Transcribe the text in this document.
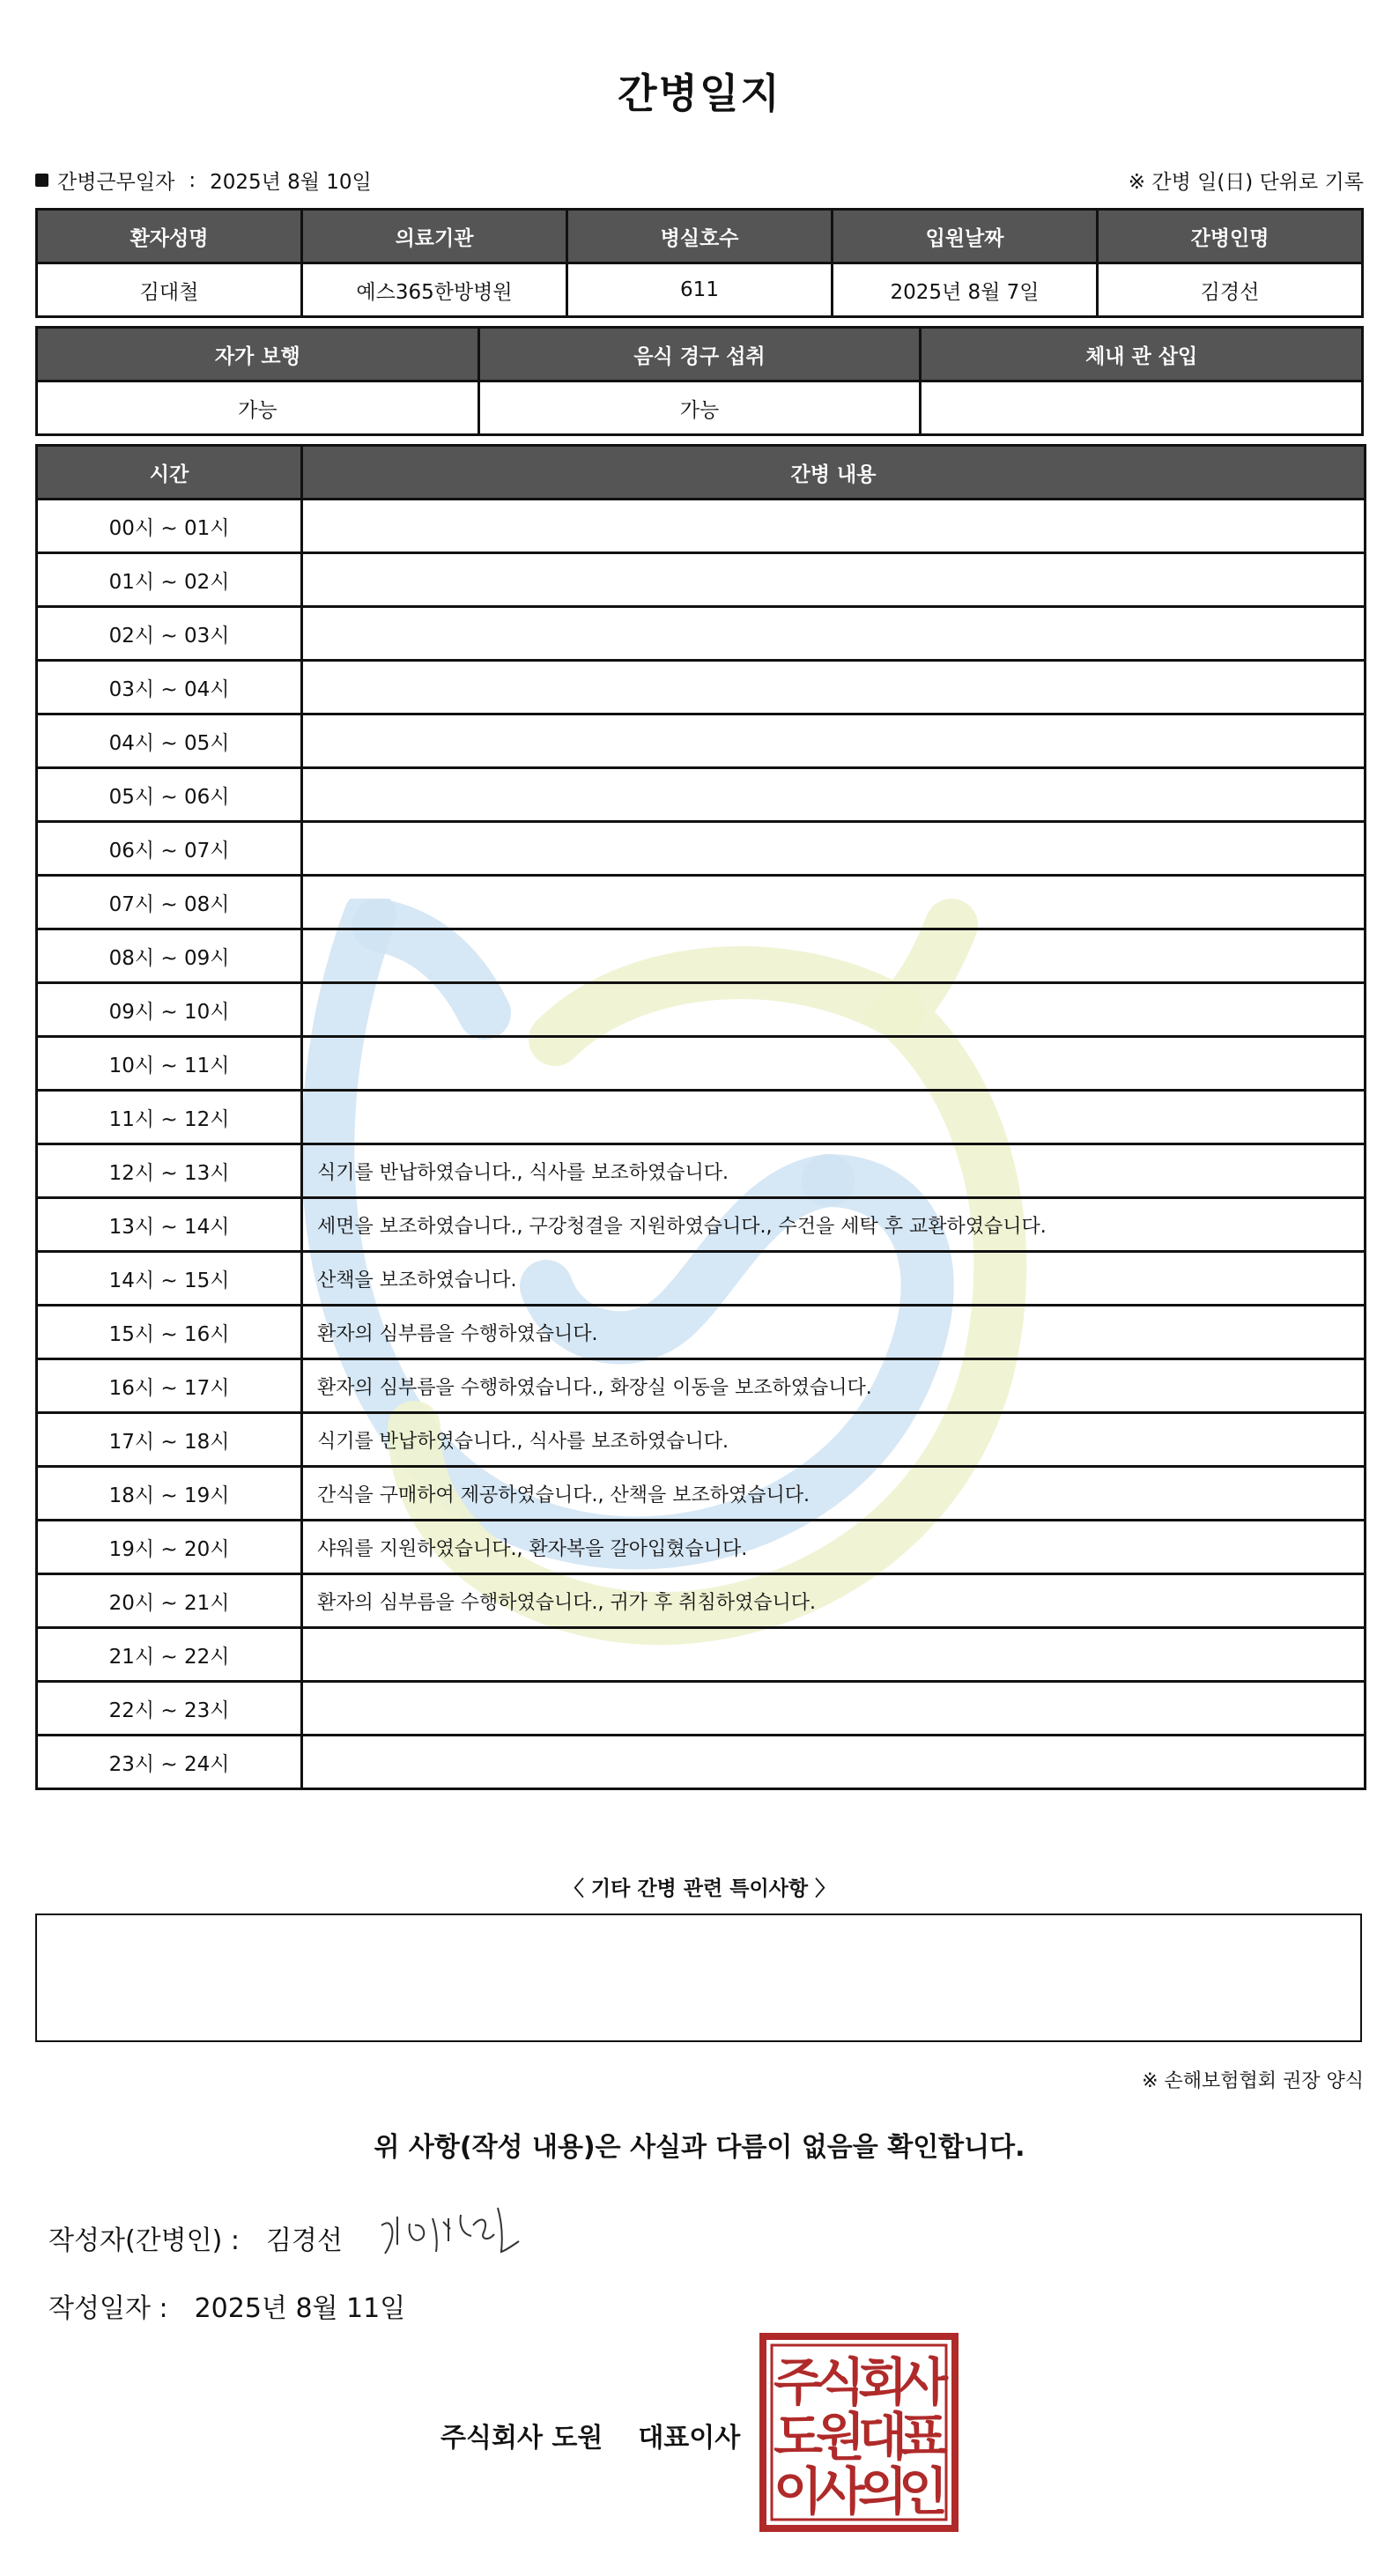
간병일지
간병근무일자 : 2025년 8월 10일	※ 간병 일(日) 단위로 기록
환자성명	의료기관	병실호수	입원날짜	간병인명
김대철	예스365한방병원	611	2025년 8월 7일	김경선
자가 보행	음식 경구 섭취	체내 관 삽입
가능	가능	
시간	간병 내용
00시 ~ 01시	
01시 ~ 02시	
02시 ~ 03시	
03시 ~ 04시	
04시 ~ 05시	
05시 ~ 06시	
06시 ~ 07시	
07시 ~ 08시	
08시 ~ 09시	
09시 ~ 10시	
10시 ~ 11시	
11시 ~ 12시	
12시 ~ 13시	식기를 반납하였습니다., 식사를 보조하였습니다.
13시 ~ 14시	세면을 보조하였습니다., 구강청결을 지원하였습니다., 수건을 세탁 후 교환하였습니다.
14시 ~ 15시	산책을 보조하였습니다.
15시 ~ 16시	환자의 심부름을 수행하였습니다.
16시 ~ 17시	환자의 심부름을 수행하였습니다., 화장실 이동을 보조하였습니다.
17시 ~ 18시	식기를 반납하였습니다., 식사를 보조하였습니다.
18시 ~ 19시	간식을 구매하여 제공하였습니다., 산책을 보조하였습니다.
19시 ~ 20시	샤워를 지원하였습니다., 환자복을 갈아입혔습니다.
20시 ~ 21시	환자의 심부름을 수행하였습니다., 귀가 후 취침하였습니다.
21시 ~ 22시	
22시 ~ 23시	
23시 ~ 24시	
〈 기타 간병 관련 특이사항 〉
※ 손해보험협회 권장 양식
위 사항(작성 내용)은 사실과 다름이 없음을 확인합니다.
작성자(간병인) : 김경선
작성일자 : 2025년 8월 11일
주식회사 도원 대표이사
주
식
회
사
도
원
대
표
이
사
의
인
